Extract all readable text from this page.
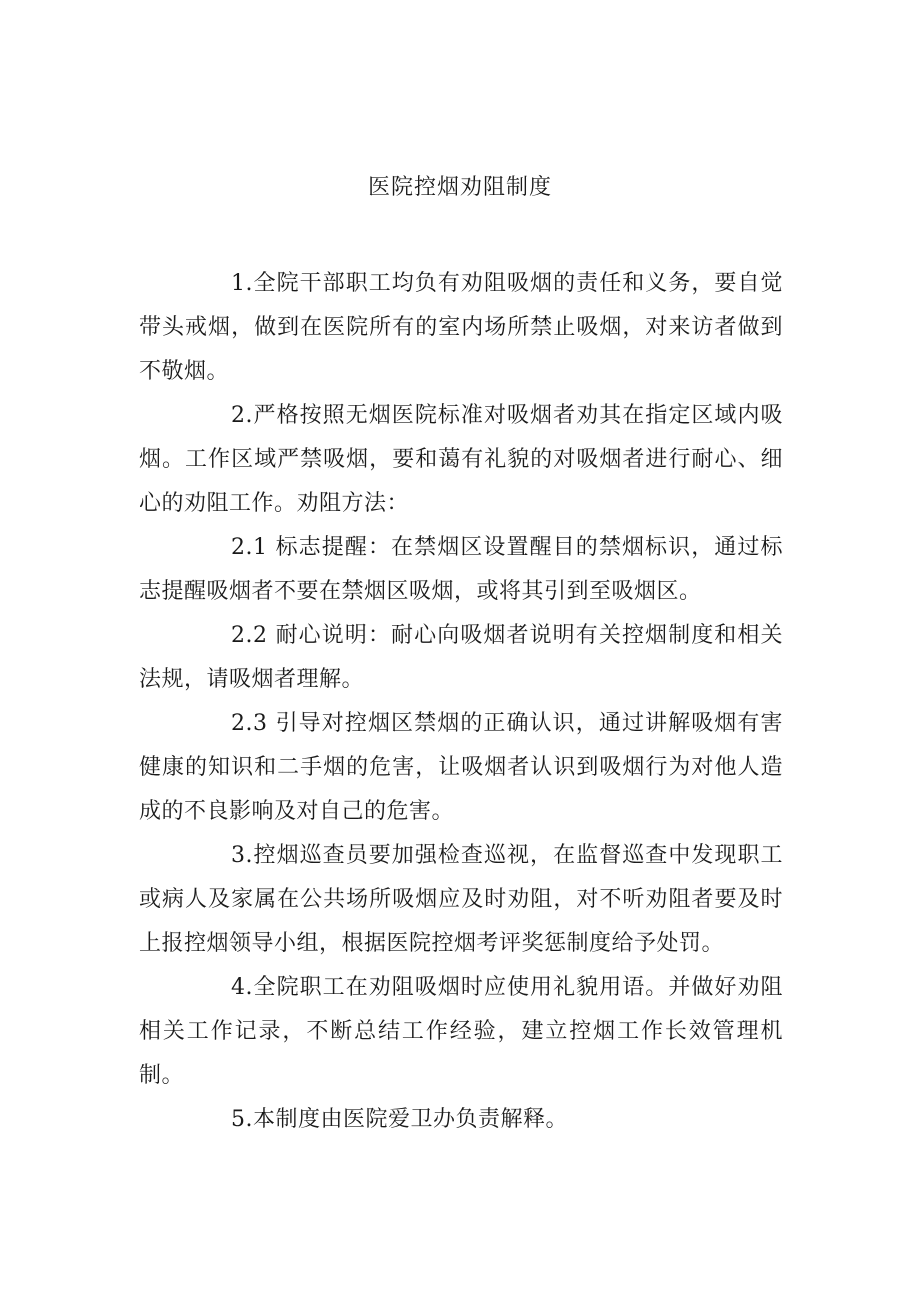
医院控烟劝阻制度

1.全院干部职工均负有劝阻吸烟的责任和义务，要自觉带头戒烟，做到在医院所有的室内场所禁止吸烟，对来访者做到不敬烟。

2.严格按照无烟医院标准对吸烟者劝其在指定区域内吸烟。工作区域严禁吸烟，要和蔼有礼貌的对吸烟者进行耐心、细心的劝阻工作。劝阻方法：

2.1 标志提醒：在禁烟区设置醒目的禁烟标识，通过标志提醒吸烟者不要在禁烟区吸烟，或将其引到至吸烟区。

2.2 耐心说明：耐心向吸烟者说明有关控烟制度和相关法规，请吸烟者理解。

2.3 引导对控烟区禁烟的正确认识，通过讲解吸烟有害健康的知识和二手烟的危害，让吸烟者认识到吸烟行为对他人造成的不良影响及对自己的危害。

3.控烟巡查员要加强检查巡视，在监督巡查中发现职工或病人及家属在公共场所吸烟应及时劝阻，对不听劝阻者要及时上报控烟领导小组，根据医院控烟考评奖惩制度给予处罚。

4.全院职工在劝阻吸烟时应使用礼貌用语。并做好劝阻相关工作记录，不断总结工作经验，建立控烟工作长效管理机制。

5.本制度由医院爱卫办负责解释。
